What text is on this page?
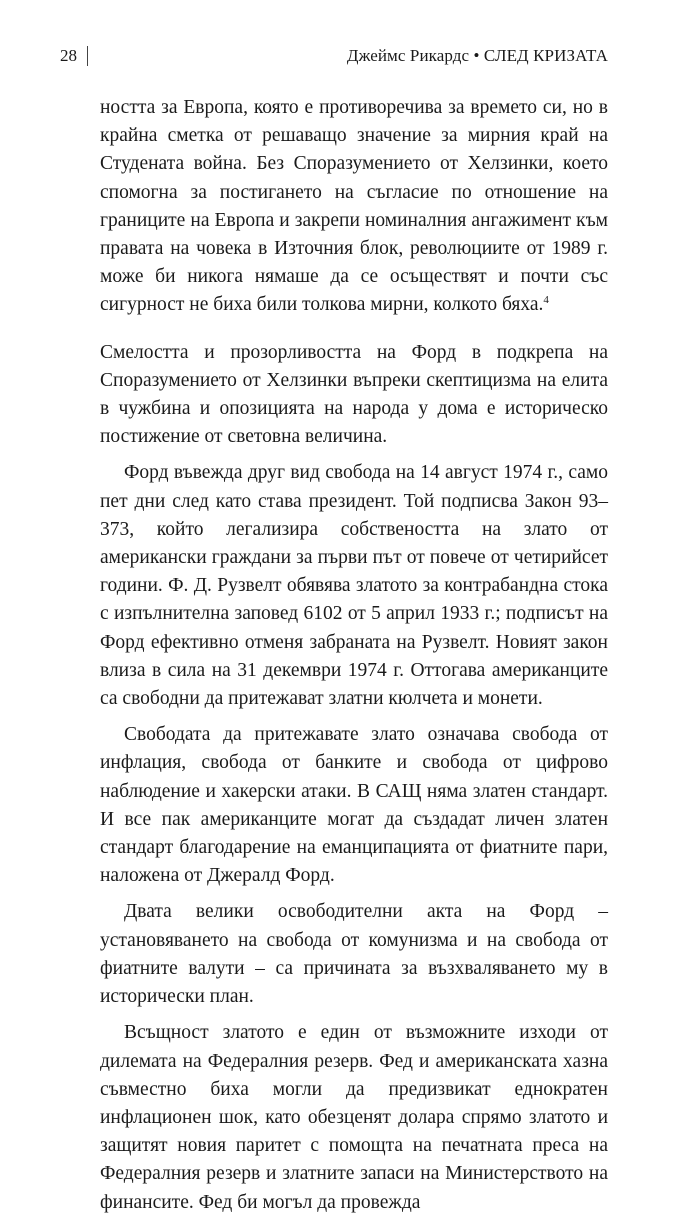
28	Джеймс Рикардс • СЛЕД КРИЗАТА

ността за Европа, която е противоречива за времето си, но в крайна сметка от решаващо значение за мирния край на Студената война. Без Споразумението от Хелзинки, което спомогна за постигането на съгласие по отношение на границите на Европа и закрепи номиналния ангажимент към правата на човека в Източния блок, революциите от 1989 г. може би никога нямаше да се осъществят и почти със сигурност не биха били толкова мирни, колкото бяха.$^4$

Смелостта и прозорливостта на Форд в подкрепа на Споразумението от Хелзинки въпреки скептицизма на елита в чужбина и опозицията на народа у дома е историческо постижение от световна величина.

Форд въвежда друг вид свобода на 14 август 1974 г., само пет дни след като става президент. Той подписва Закон 93–373, който легализира собствеността на злато от американски граждани за първи път от повече от четирийсет години. Ф. Д. Рузвелт обявява златото за контрабандна стока с изпълнителна заповед 6102 от 5 април 1933 г.; подписът на Форд ефективно отменя забраната на Рузвелт. Новият закон влиза в сила на 31 декември 1974 г. Оттогава американците са свободни да притежават златни кюлчета и монети.

Свободата да притежавате злато означава свобода от инфлация, свобода от банките и свобода от цифрово наблюдение и хакерски атаки. В САЩ няма златен стандарт. И все пак американците могат да създадат личен златен стандарт благодарение на еманципацията от фиатните пари, наложена от Джералд Форд.

Двата велики освободителни акта на Форд – установяването на свобода от комунизма и на свобода от фиатните валути – са причината за възхваляването му в исторически план.

Всъщност златото е един от възможните изходи от дилемата на Федералния резерв. Фед и американската хазна съвместно биха могли да предизвикат еднократен инфлационен шок, като обезценят долара спрямо златото и защитят новия паритет с помощта на печатната преса на Федералния резерв и златните запаси на Министерството на финансите. Фед би могъл да провежда
